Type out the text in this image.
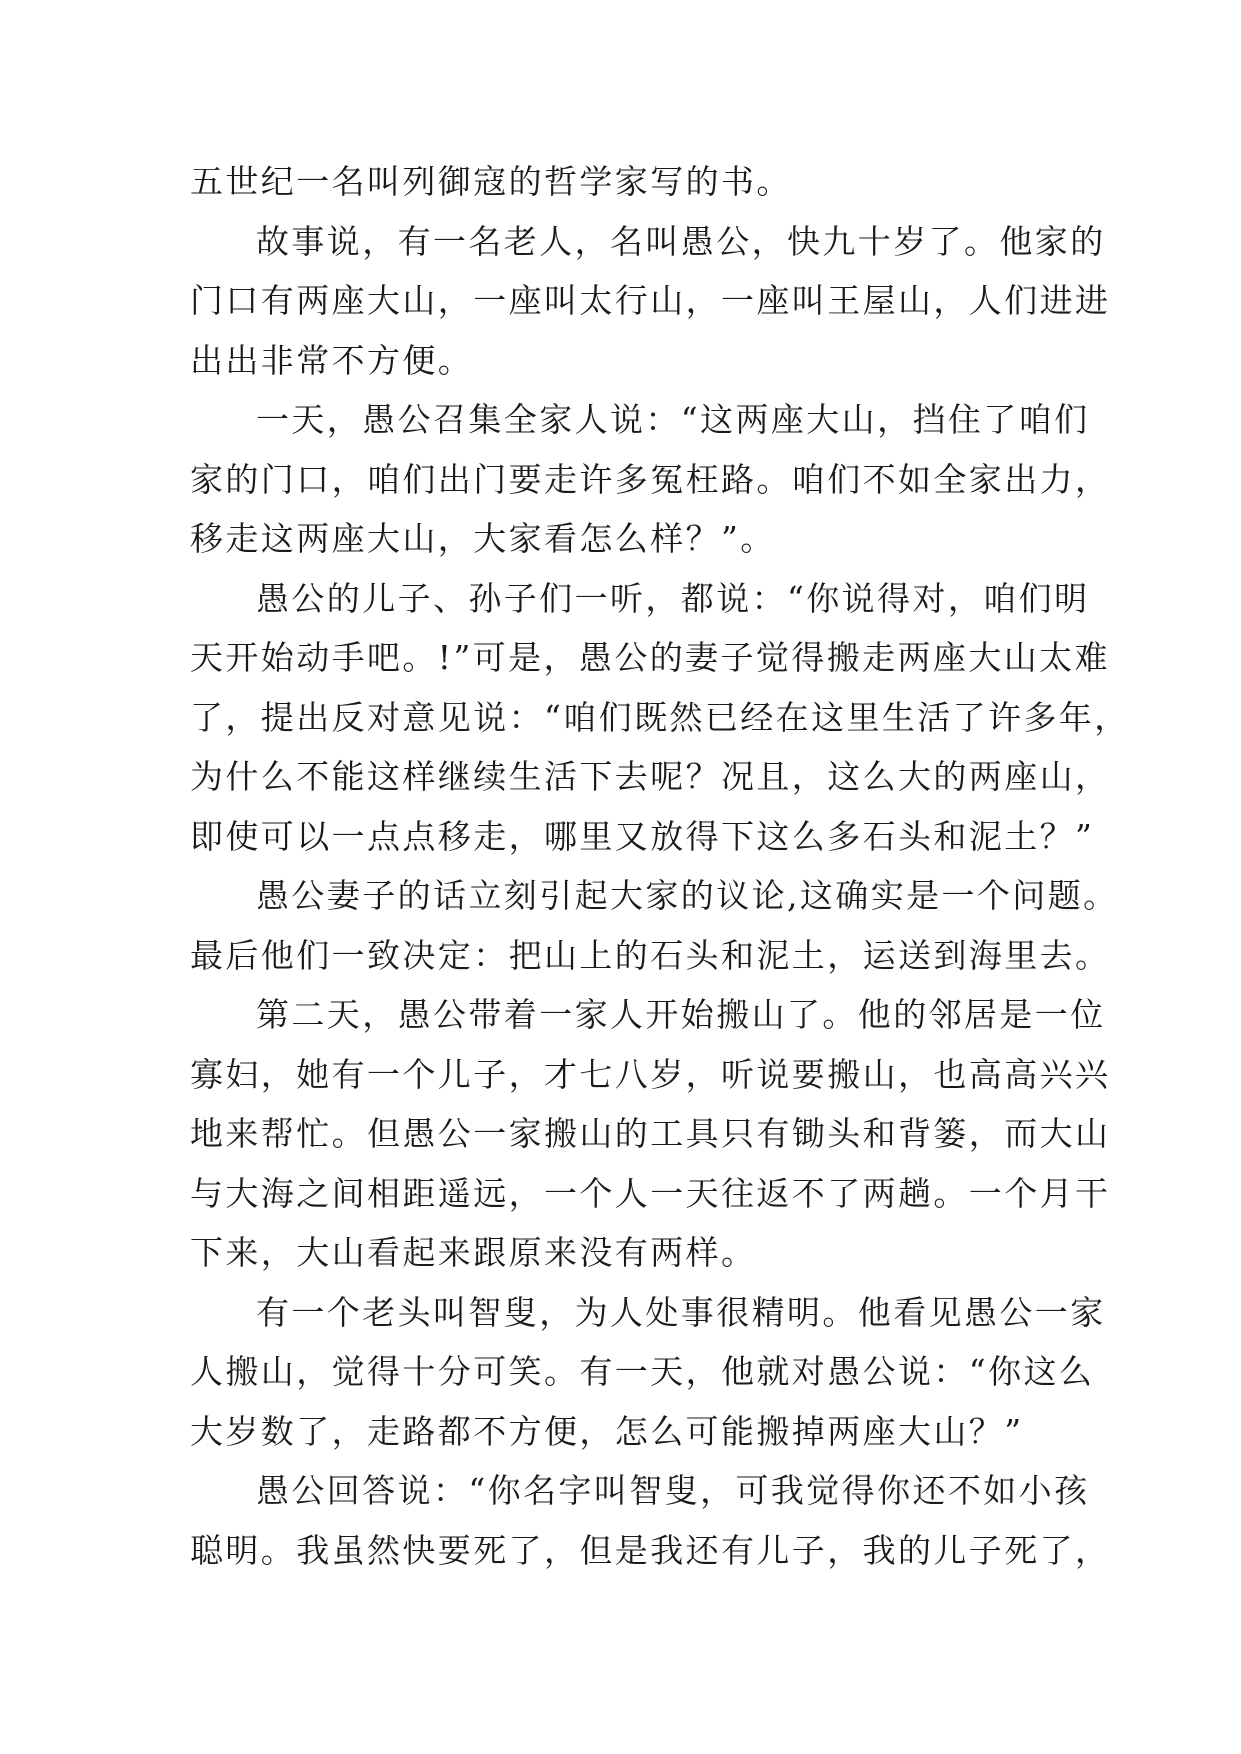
五世纪一名叫列御寇的哲学家写的书。
故事说，有一名老人，名叫愚公，快九十岁了。他家的
门口有两座大山，一座叫太行山，一座叫王屋山，人们进进
出出非常不方便。
一天，愚公召集全家人说：“这两座大山，挡住了咱们
家的门口，咱们出门要走许多冤枉路。咱们不如全家出力，
移走这两座大山，大家看怎么样？”。
愚公的儿子、孙子们一听，都说：“你说得对，咱们明
天开始动手吧。!”可是，愚公的妻子觉得搬走两座大山太难
了，提出反对意见说：“咱们既然已经在这里生活了许多年，
为什么不能这样继续生活下去呢？况且，这么大的两座山，
即使可以一点点移走，哪里又放得下这么多石头和泥土？”
愚公妻子的话立刻引起大家的议论,这确实是一个问题。
最后他们一致决定：把山上的石头和泥土，运送到海里去。
第二天，愚公带着一家人开始搬山了。他的邻居是一位
寡妇，她有一个儿子，才七八岁，听说要搬山，也高高兴兴
地来帮忙。但愚公一家搬山的工具只有锄头和背篓，而大山
与大海之间相距遥远，一个人一天往返不了两趟。一个月干
下来，大山看起来跟原来没有两样。
有一个老头叫智叟，为人处事很精明。他看见愚公一家
人搬山，觉得十分可笑。有一天，他就对愚公说：“你这么
大岁数了，走路都不方便，怎么可能搬掉两座大山？”
愚公回答说：“你名字叫智叟，可我觉得你还不如小孩
聪明。我虽然快要死了，但是我还有儿子，我的儿子死了，
